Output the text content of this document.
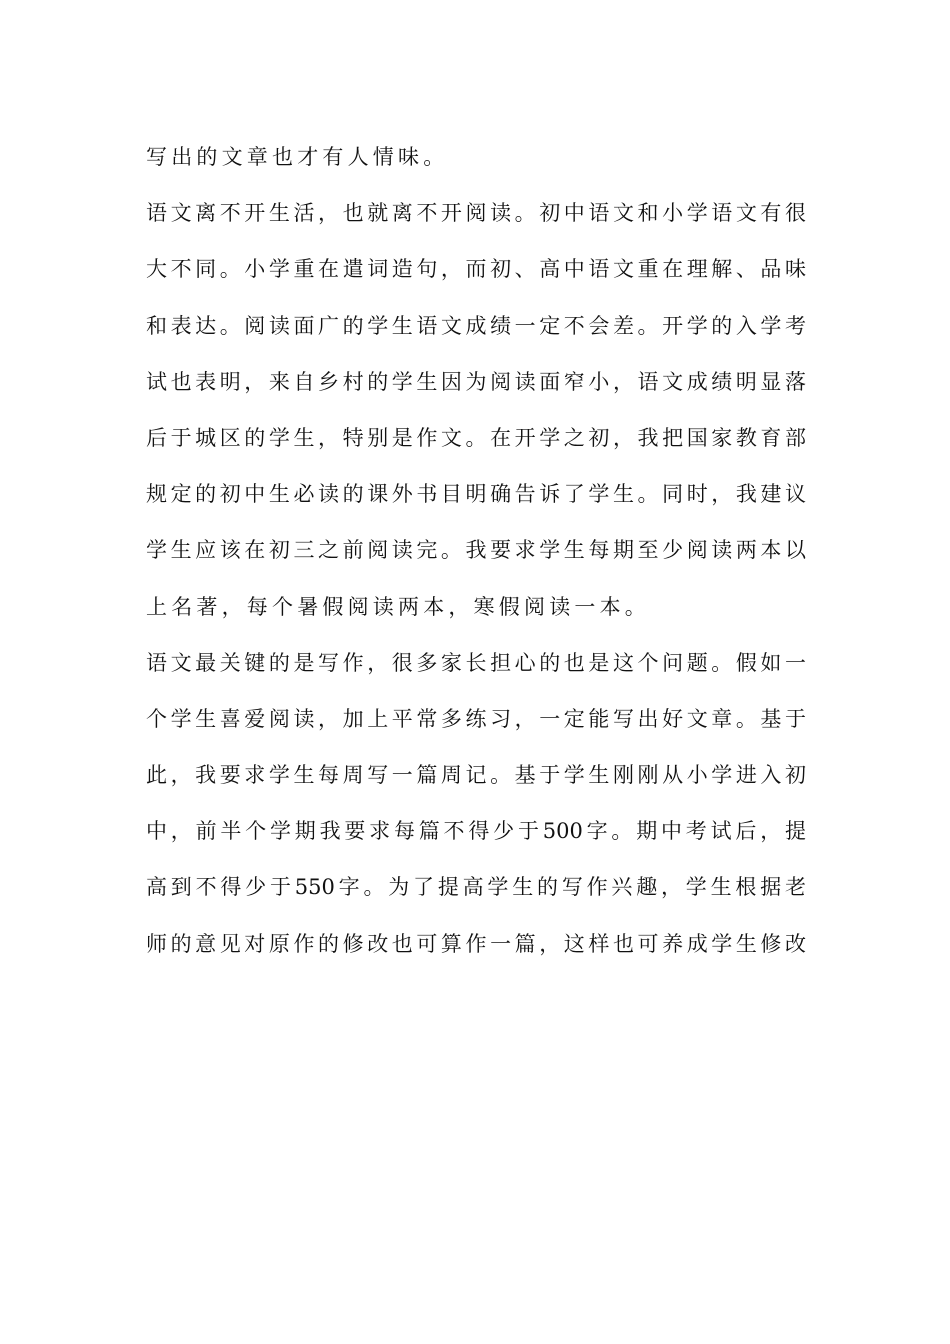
写出的文章也才有人情味。
语文离不开生活，也就离不开阅读。初中语文和小学语文有很
大不同。小学重在遣词造句，而初、高中语文重在理解、品味
和表达。阅读面广的学生语文成绩一定不会差。开学的入学考
试也表明，来自乡村的学生因为阅读面窄小，语文成绩明显落
后于城区的学生，特别是作文。在开学之初，我把国家教育部
规定的初中生必读的课外书目明确告诉了学生。同时，我建议
学生应该在初三之前阅读完。我要求学生每期至少阅读两本以
上名著，每个暑假阅读两本，寒假阅读一本。
语文最关键的是写作，很多家长担心的也是这个问题。假如一
个学生喜爱阅读，加上平常多练习，一定能写出好文章。基于
此，我要求学生每周写一篇周记。基于学生刚刚从小学进入初
中，前半个学期我要求每篇不得少于500字。期中考试后，提
高到不得少于550字。为了提高学生的写作兴趣，学生根据老
师的意见对原作的修改也可算作一篇，这样也可养成学生修改
